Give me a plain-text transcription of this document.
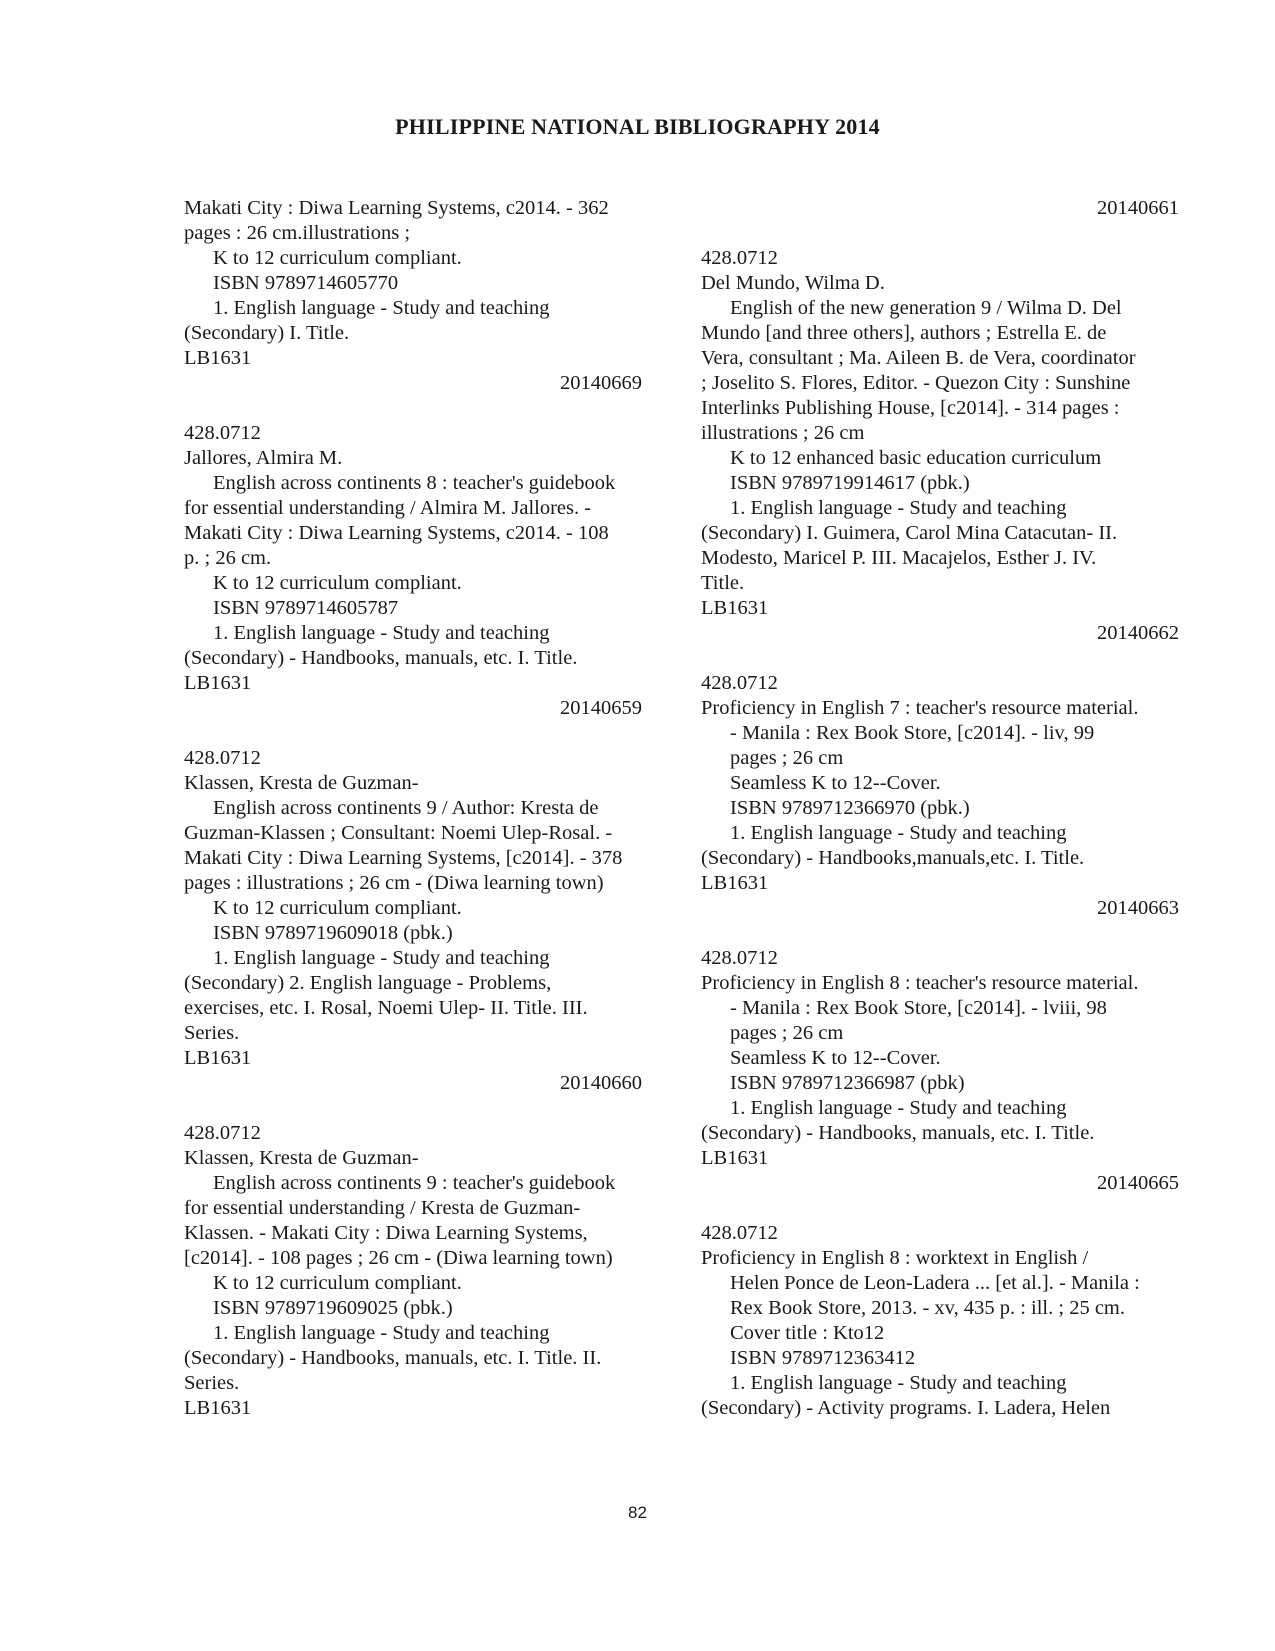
PHILIPPINE NATIONAL BIBLIOGRAPHY 2014
Makati City : Diwa Learning Systems, c2014. - 362
pages : 26 cm.illustrations ;
K to 12 curriculum compliant.
ISBN 9789714605770
1. English language - Study and teaching
(Secondary) I. Title.
LB1631
20140669
428.0712
Jallores, Almira M.
English across continents 8 : teacher's guidebook
for essential understanding / Almira M. Jallores. -
Makati City : Diwa Learning Systems, c2014. - 108
p. ; 26 cm.
K to 12 curriculum compliant.
ISBN 9789714605787
1. English language - Study and teaching
(Secondary) - Handbooks, manuals, etc. I. Title.
LB1631
20140659
428.0712
Klassen, Kresta de Guzman-
English across continents 9 / Author: Kresta de
Guzman-Klassen ; Consultant: Noemi Ulep-Rosal. -
Makati City : Diwa Learning Systems, [c2014]. - 378
pages : illustrations ; 26 cm - (Diwa learning town)
K to 12 curriculum compliant.
ISBN 9789719609018 (pbk.)
1. English language - Study and teaching
(Secondary) 2. English language - Problems,
exercises, etc. I. Rosal, Noemi Ulep- II. Title. III.
Series.
LB1631
20140660
428.0712
Klassen, Kresta de Guzman-
English across continents 9 : teacher's guidebook
for essential understanding / Kresta de Guzman-
Klassen. - Makati City : Diwa Learning Systems,
[c2014]. - 108 pages ; 26 cm - (Diwa learning town)
K to 12 curriculum compliant.
ISBN 9789719609025 (pbk.)
1. English language - Study and teaching
(Secondary) - Handbooks, manuals, etc. I. Title. II.
Series.
LB1631
20140661
428.0712
Del Mundo, Wilma D.
English of the new generation 9 / Wilma D. Del
Mundo [and three others], authors ; Estrella E. de
Vera, consultant ; Ma. Aileen B. de Vera, coordinator
; Joselito S. Flores, Editor. - Quezon City : Sunshine
Interlinks Publishing House, [c2014]. - 314 pages :
illustrations ; 26 cm
K to 12 enhanced basic education curriculum
ISBN 9789719914617 (pbk.)
1. English language - Study and teaching
(Secondary) I. Guimera, Carol Mina Catacutan- II.
Modesto, Maricel P. III. Macajelos, Esther J. IV.
Title.
LB1631
20140662
428.0712
Proficiency in English 7 : teacher's resource material.
- Manila : Rex Book Store, [c2014]. - liv, 99
pages ; 26 cm
Seamless K to 12--Cover.
ISBN 9789712366970 (pbk.)
1. English language - Study and teaching
(Secondary) - Handbooks,manuals,etc. I. Title.
LB1631
20140663
428.0712
Proficiency in English 8 : teacher's resource material.
- Manila : Rex Book Store, [c2014]. - lviii, 98
pages ; 26 cm
Seamless K to 12--Cover.
ISBN 9789712366987 (pbk)
1. English language - Study and teaching
(Secondary) - Handbooks, manuals, etc. I. Title.
LB1631
20140665
428.0712
Proficiency in English 8 : worktext in English /
Helen Ponce de Leon-Ladera ... [et al.]. - Manila :
Rex Book Store, 2013. - xv, 435 p. : ill. ; 25 cm.
Cover title : Kto12
ISBN 9789712363412
1. English language - Study and teaching
(Secondary) - Activity programs. I. Ladera, Helen
82
